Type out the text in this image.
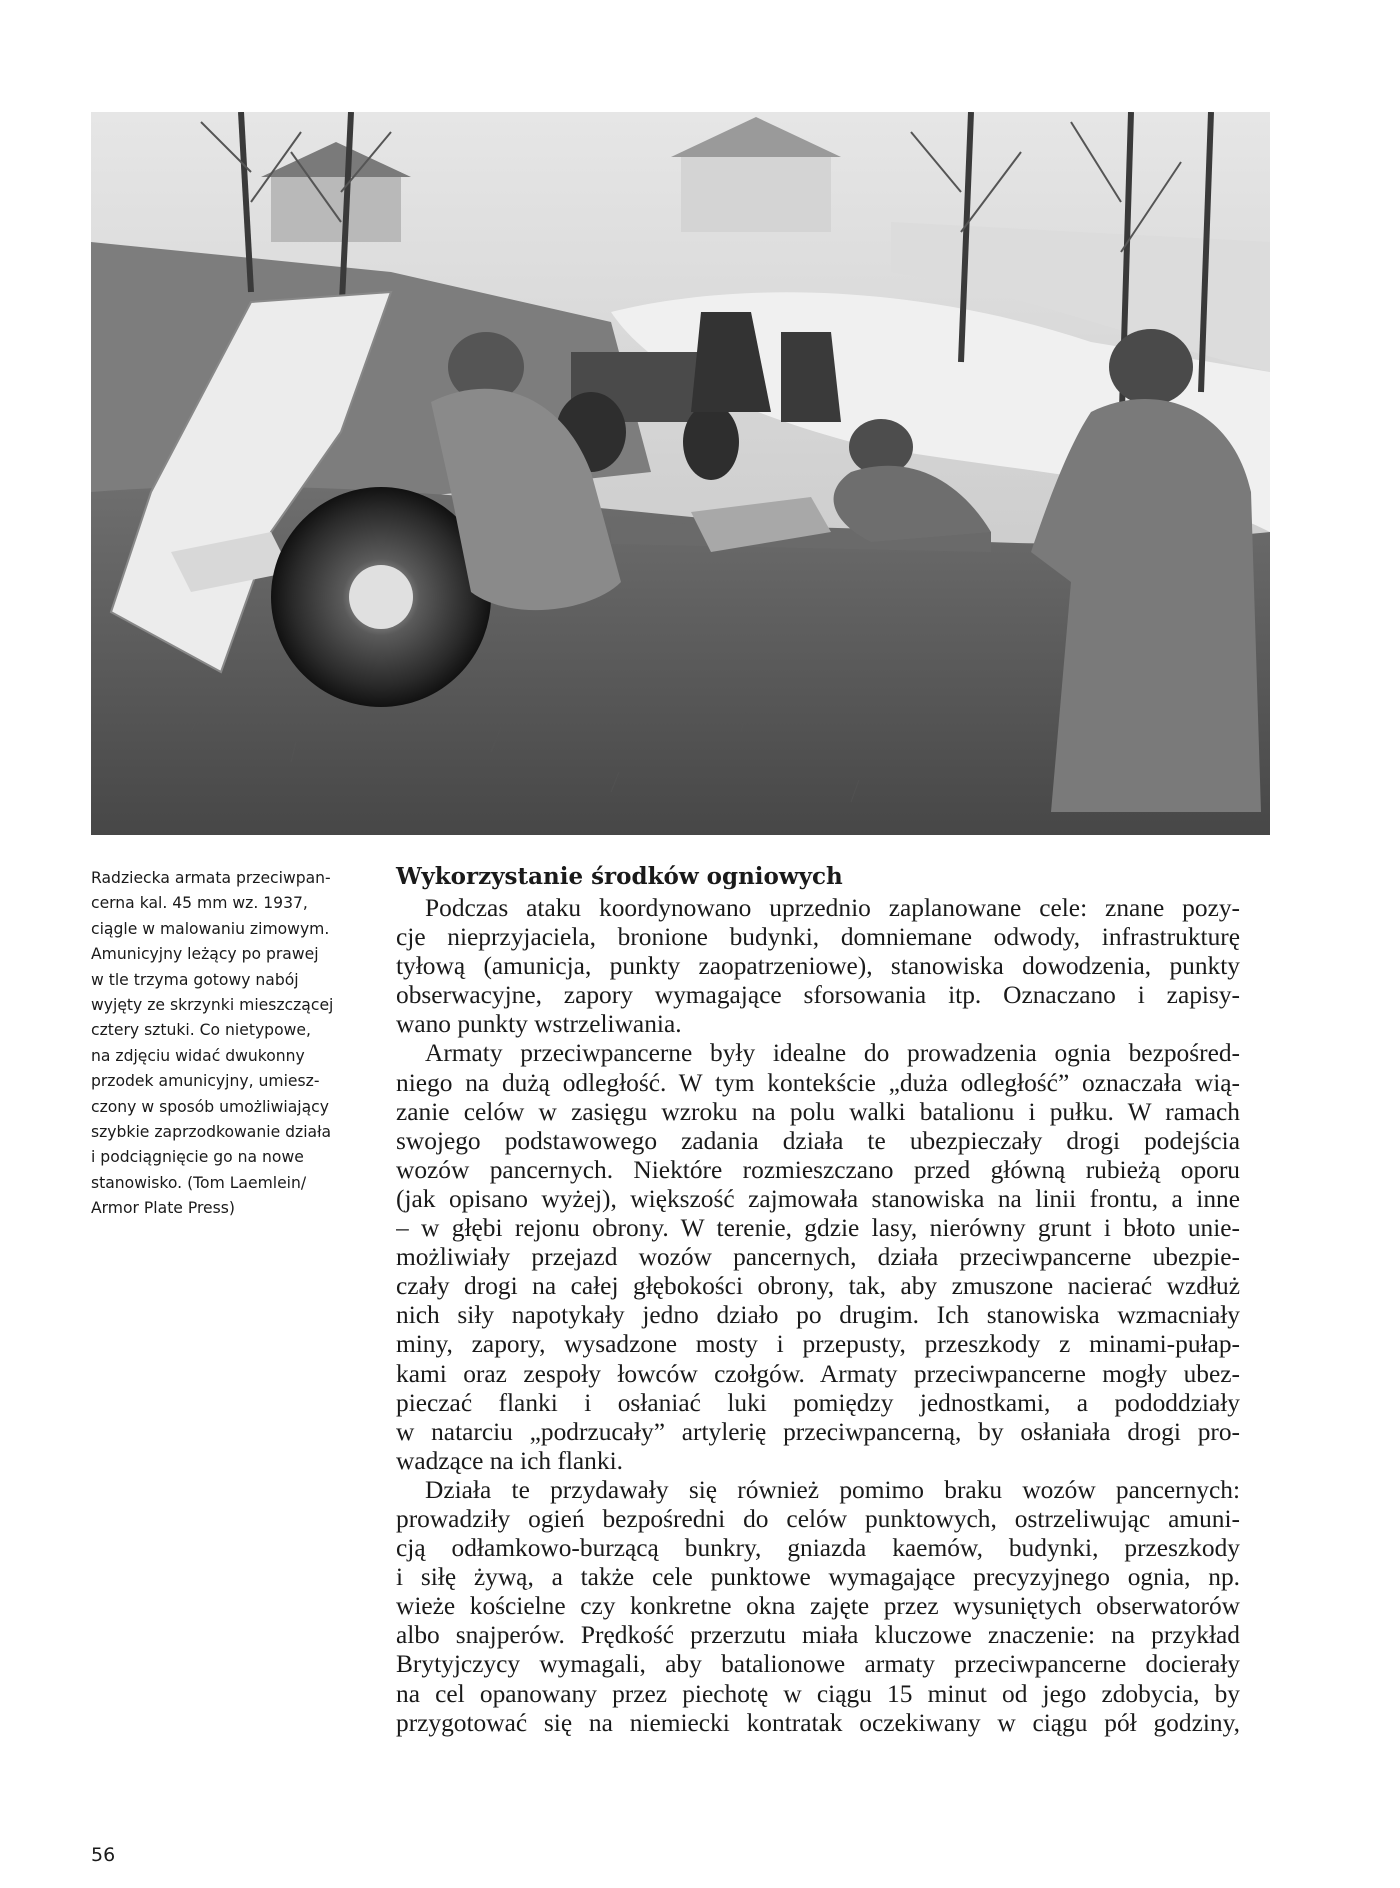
Radziecka armata przeciwpan-
cerna kal. 45 mm wz. 1937,
ciągle w malowaniu zimowym.
Amunicyjny leżący po prawej
w tle trzyma gotowy nabój
wyjęty ze skrzynki mieszczącej
cztery sztuki. Co nietypowe,
na zdjęciu widać dwukonny
przodek amunicyjny, umiesz-
czony w sposób umożliwiający
szybkie zaprzodkowanie działa
i podciągnięcie go na nowe
stanowisko. (Tom Laemlein/
Armor Plate Press)
Wykorzystanie środków ogniowych
Podczas ataku koordynowano uprzednio zaplanowane cele: znane pozy-
cje nieprzyjaciela, bronione budynki, domniemane odwody, infrastrukturę
tyłową (amunicja, punkty zaopatrzeniowe), stanowiska dowodzenia, punkty
obserwacyjne, zapory wymagające sforsowania itp. Oznaczano i zapisy-
wano punkty wstrzeliwania.
Armaty przeciwpancerne były idealne do prowadzenia ognia bezpośred-
niego na dużą odległość. W tym kontekście „duża odległość” oznaczała wią-
zanie celów w zasięgu wzroku na polu walki batalionu i pułku. W ramach
swojego podstawowego zadania działa te ubezpieczały drogi podejścia
wozów pancernych. Niektóre rozmieszczano przed główną rubieżą oporu
(jak opisano wyżej), większość zajmowała stanowiska na linii frontu, a inne
– w głębi rejonu obrony. W terenie, gdzie lasy, nierówny grunt i błoto unie-
możliwiały przejazd wozów pancernych, działa przeciwpancerne ubezpie-
czały drogi na całej głębokości obrony, tak, aby zmuszone nacierać wzdłuż
nich siły napotykały jedno działo po drugim. Ich stanowiska wzmacniały
miny, zapory, wysadzone mosty i przepusty, przeszkody z minami-pułap-
kami oraz zespoły łowców czołgów. Armaty przeciwpancerne mogły ubez-
pieczać flanki i osłaniać luki pomiędzy jednostkami, a pododdziały
w natarciu „podrzucały” artylerię przeciwpancerną, by osłaniała drogi pro-
wadzące na ich flanki.
Działa te przydawały się również pomimo braku wozów pancernych:
prowadziły ogień bezpośredni do celów punktowych, ostrzeliwując amuni-
cją odłamkowo-burzącą bunkry, gniazda kaemów, budynki, przeszkody
i siłę żywą, a także cele punktowe wymagające precyzyjnego ognia, np.
wieże kościelne czy konkretne okna zajęte przez wysuniętych obserwatorów
albo snajperów. Prędkość przerzutu miała kluczowe znaczenie: na przykład
Brytyjczycy wymagali, aby batalionowe armaty przeciwpancerne docierały
na cel opanowany przez piechotę w ciągu 15 minut od jego zdobycia, by
przygotować się na niemiecki kontratak oczekiwany w ciągu pół godziny,
56
